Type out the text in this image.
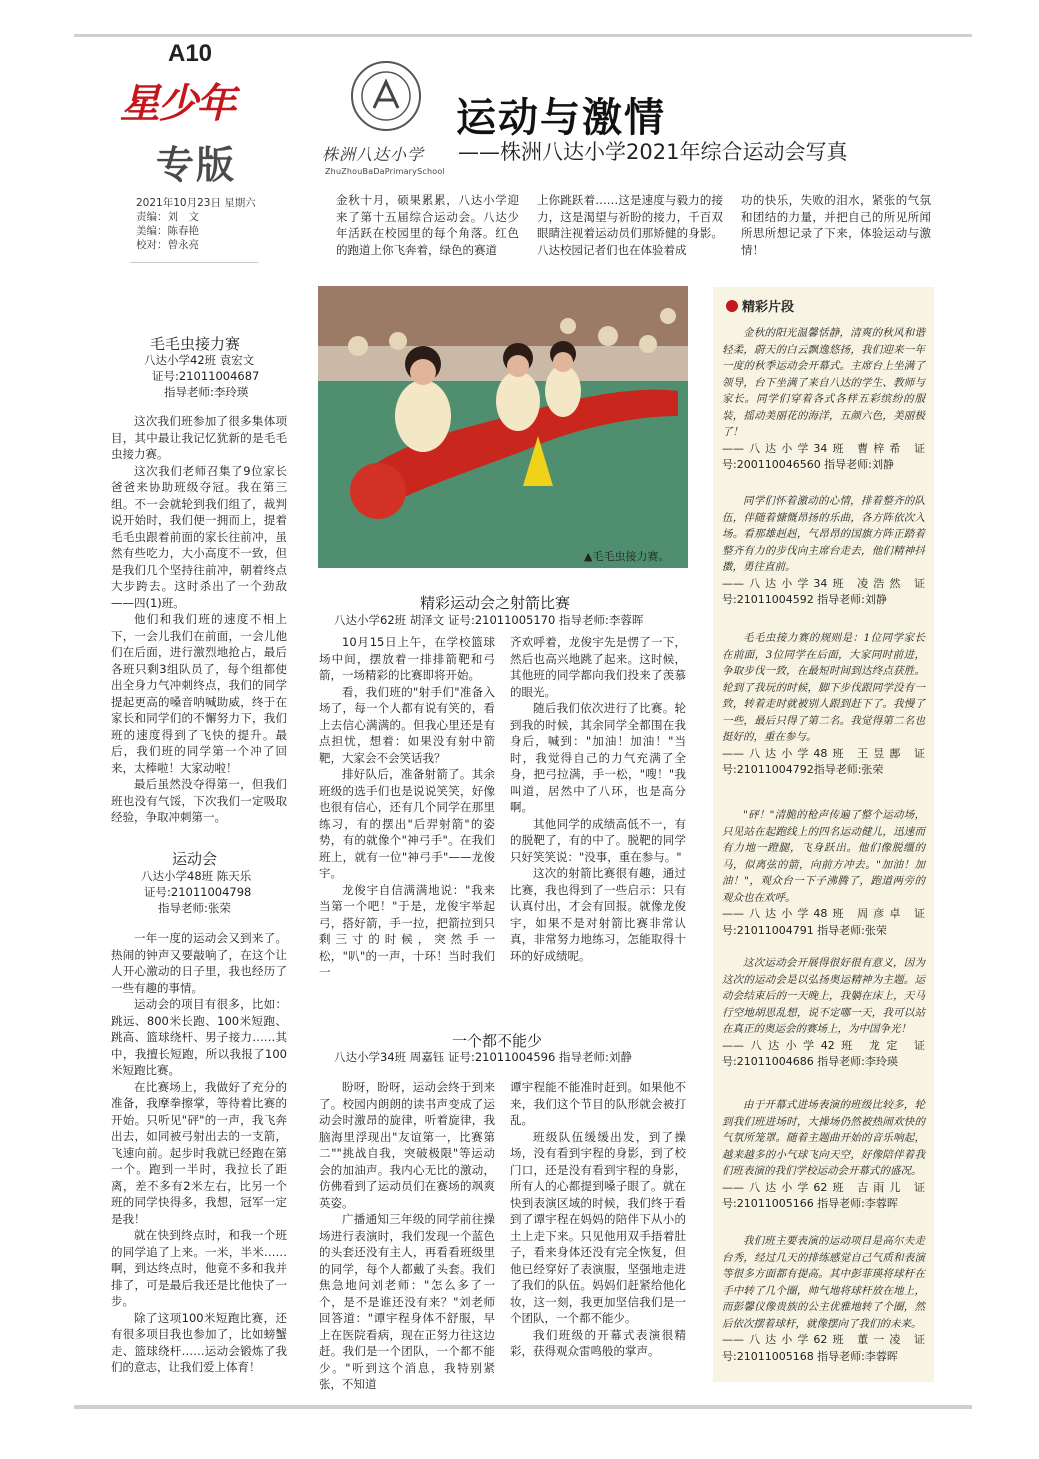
A10
星少年
专版
2021年10月23日 星期六
责编：刘　文
美编：陈春艳
校对：曾永亮
株洲八达小学
ZhuZhouBaDaPrimarySchool
运动与激情
——株洲八达小学2021年综合运动会写真
金秋十月，硕果累累，八达小学迎来了第十五届综合运动会。八达少年活跃在校园里的每个角落。红色的跑道上你飞奔着，绿色的赛道
上你跳跃着……这是速度与毅力的接力，这是渴望与祈盼的接力，千百双眼睛注视着运动员们那矫健的身影。八达校园记者们也在体验着成
功的快乐，失败的泪水，紧张的气氛和团结的力量，并把自己的所见所闻所思所想记录了下来，体验运动与激情！
▲毛毛虫接力赛。
毛毛虫接力赛
八达小学42班 袁宏文
证号:21011004687
指导老师:李玲瑛

这次我们班参加了很多集体项目，其中最让我记忆犹新的是毛毛虫接力赛。

这次我们老师召集了9位家长爸爸来协助班级夺冠。我在第三组。不一会就轮到我们组了，裁判说开始时，我们便一拥而上，提着毛毛虫跟着前面的家长往前冲，虽然有些吃力，大小高度不一致，但是我们几个坚持往前冲，朝着终点大步跨去。这时杀出了一个劲敌——四(1)班。

他们和我们班的速度不相上下，一会儿我们在前面，一会儿他们在后面，进行激烈地抢占，最后各班只剩3组队员了，每个组都使出全身力气冲刺终点，我们的同学提起更高的嗓音呐喊助威，终于在家长和同学们的不懈努力下，我们班的速度得到了飞快的提升。最后，我们班的同学第一个冲了回来，太棒啦！大家动啦！

最后虽然没夺得第一，但我们班也没有气馁，下次我们一定吸取经验，争取冲刺第一。

运动会
八达小学48班 陈天乐
证号:21011004798
指导老师:张荣

一年一度的运动会又到来了。热闹的钟声又要敲响了，在这个让人开心激动的日子里，我也经历了一些有趣的事情。

运动会的项目有很多，比如：跳远、800米长跑、100米短跑、跳高、篮球绕杆、男子接力……其中，我擅长短跑，所以我报了100米短跑比赛。

在比赛场上，我做好了充分的准备，我摩拳擦掌，等待着比赛的开始。只听见"砰"的一声，我飞奔出去，如同被弓射出去的一支箭，飞速向前。起步时我就已经跑在第一个。跑到一半时，我拉长了距离，差不多有2米左右，比另一个班的同学快得多，我想，冠军一定是我！

就在快到终点时，和我一个班的同学追了上来。一米，半米……啊，到达终点时，他竟不多和我并排了，可是最后我还是比他快了一步。

除了这项100米短跑比赛，还有很多项目我也参加了，比如螃蟹走、篮球绕杆……运动会锻炼了我们的意志，让我们爱上体育！

精彩运动会之射箭比赛
八达小学62班 胡泽文 证号:21011005170 指导老师:李蓉晖

10月15日上午，在学校篮球场中间，摆放着一排排箭靶和弓箭，一场精彩的比赛即将开始。

看，我们班的"射手们"准备入场了，每一个人都有说有笑的，看上去信心满满的。但我心里还是有点担忧，想着：如果没有射中箭靶，大家会不会笑话我？

排好队后，准备射箭了。其余班级的选手们也是说说笑笑，好像也很有信心，还有几个同学在那里练习，有的摆出"后羿射箭"的姿势，有的就像个"神弓手"。在我们班上，就有一位"神弓手"——龙俊宇。

龙俊宇自信满满地说："我来当第一个吧！"于是，龙俊宇举起弓，搭好箭，手一拉，把箭拉到只剩三寸的时候，突然手一松，"叭"的一声，十环！当时我们一

齐欢呼着，龙俊宇先是愣了一下，然后也高兴地跳了起来。这时候，其他班的同学都向我们投来了羡慕的眼光。

随后我们依次进行了比赛。轮到我的时候，其余同学全都围在我身后，喊到："加油！加油！"当时，我觉得自己的力气充满了全身，把弓拉满，手一松，"嗖！"我叫道，居然中了八环，也是高分啊。

其他同学的成绩高低不一，有的脱靶了，有的中了。脱靶的同学只好笑笑说："没事，重在参与。"

这次的射箭比赛很有趣，通过比赛，我也得到了一些启示：只有认真付出，才会有回报。就像龙俊宇，如果不是对射箭比赛非常认真，非常努力地练习，怎能取得十环的好成绩呢。

一个都不能少
八达小学34班 周嘉钰 证号:21011004596 指导老师:刘静

盼呀，盼呀，运动会终于到来了。校园内朗朗的读书声变成了运动会时激昂的旋律，听着旋律，我脑海里浮现出"友谊第一，比赛第二""挑战自我，突破极限"等运动会的加油声。我内心无比的激动，仿佛看到了运动员们在赛场的飒爽英姿。

广播通知三年级的同学前往操场进行表演时，我们发现一个蓝色的头套还没有主人，再看看班级里的同学，每个人都戴了头套。我们焦急地问刘老师："怎么多了一个，是不是谁还没有来？"刘老师回答道："谭宇程身体不舒服，早上在医院看病，现在正努力往这边赶。我们是一个团队，一个都不能少。"听到这个消息，我特别紧张，不知道

谭宇程能不能准时赶到。如果他不来，我们这个节目的队形就会被打乱。

班级队伍缓缓出发，到了操场，没有看到宇程的身影，到了校门口，还是没有看到宇程的身影，所有人的心都提到嗓子眼了。就在快到表演区域的时候，我们终于看到了谭宇程在妈妈的陪伴下从小的土上走下来。只见他用双手捂着肚子，看来身体还没有完全恢复，但他已经穿好了表演服，坚强地走进了我们的队伍。妈妈们赶紧给他化妆，这一刻，我更加坚信我们是一个团队，一个都不能少。

我们班级的开幕式表演很精彩，获得观众雷鸣般的掌声。

精彩片段

金秋的阳光温馨恬静，清爽的秋风和谐轻柔，蔚天的白云飘逸悠扬，我们迎来一年一度的秋季运动会开幕式。主席台上坐满了领导，台下坐满了来自八达的学生、教师与家长。同学们穿着各式各样五彩缤纷的服装，摇动美丽花的海洋，五颜六色，美丽极了！

——八达小学34班 曹梓希 证号:200110046560 指导老师:刘静

同学们怀着激动的心情，排着整齐的队伍，伴随着慷慨昂扬的乐曲，各方阵依次入场。看那雄赳赳，气昂昂的国旗方阵正踏着整齐有力的步伐向主席台走去，他们精神抖擞，勇往直前。

——八达小学34班 凌浩然 证号:21011004592 指导老师:刘静

毛毛虫接力赛的规则是：1位同学家长在前面，3位同学在后面，大家同时前进，争取步伐一致，在最短时间到达终点获胜。轮到了我玩的时候，脚下步伐跟同学没有一致，转着走时就被别人跟到赶下了。我慢了一些，最后只得了第二名。我觉得第二名也挺好的，重在参与。

——八达小学48班 王昱鄌 证号:21011004792指导老师:张荣

"砰！"清脆的枪声传遍了整个运动场，只见站在起跑线上的四名运动健儿，迅速而有力地一蹬腿，飞身跃出。他们像脱缰的马，似离弦的箭，向前方冲去。"加油！加油！"，观众台一下子沸腾了，跑道两旁的观众也在欢呼。

——八达小学48班 周彦卓 证号:21011004791 指导老师:张荣

这次运动会开展得很好很有意义，因为这次的运动会是以弘扬奥运精神为主题。运动会结束后的一天晚上，我躺在床上，天马行空地胡思乱想，说不定哪一天，我可以站在真正的奥运会的赛场上，为中国争光！

——八达小学42班 龙定 证号:21011004686 指导老师:李玲瑛

由于开幕式进场表演的班级比较多，轮到我们班进场时，大操场仍然被热闹欢快的气氛所笼罩。随着主题曲开始的音乐响起，越来越多的小气球飞向天空，好像陪伴着我们班表演的我们学校运动会开幕式的盛况。

——八达小学62班 吉雨儿 证号:21011005166 指导老师:李蓉晖

我们班主要表演的运动项目是高尔夫走台秀，经过几天的排练感觉自己气质和表演等很多方面都有提高。其中彭菲瑛将球杆在手中转了几个圈，帅气地将球杆放在地上，而彭馨仪像贵族的公主优雅地转了个圈，然后依次摆着球杆，就像摆向了我们的未来。

——八达小学62班 董一凌 证号:21011005168 指导老师:李蓉晖
